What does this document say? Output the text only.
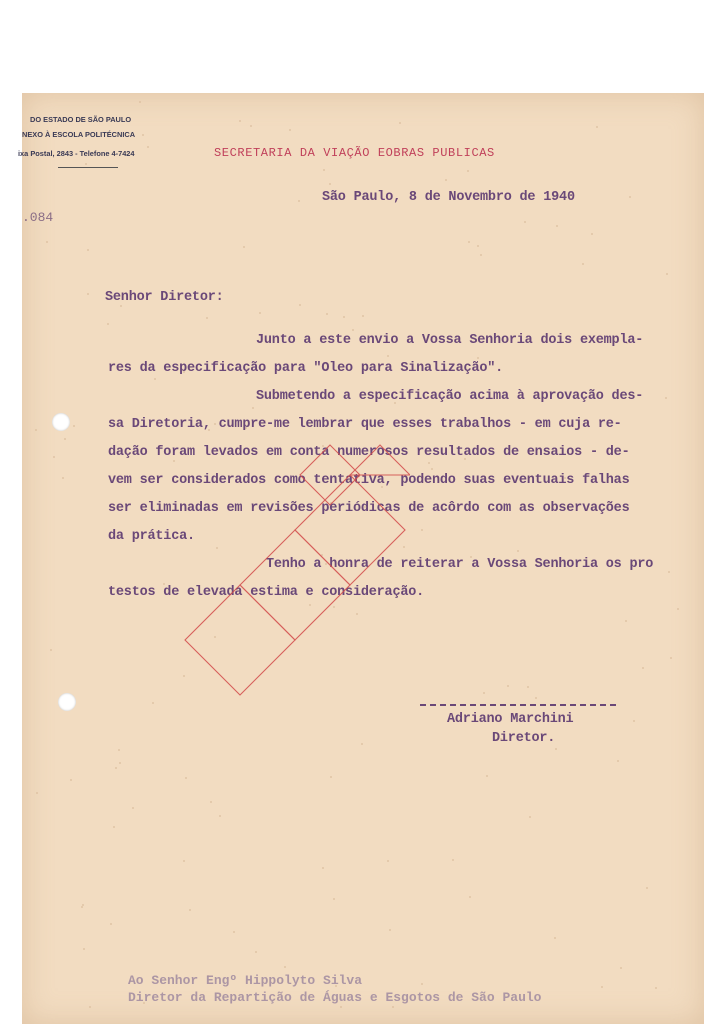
DO ESTADO DE SÃO PAULO
NEXO À ESCOLA POLITÉCNICA
ixa Postal, 2843 - Telefone 4-7424	SECRETARIA DA VIAÇÃO EOBRAS PUBLICAS
.084
São Paulo, 8 de Novembro de 1940
Senhor Diretor:
Junto a este envio a Vossa Senhoria dois exempla-
res da especificação para "Oleo para Sinalização".
Submetendo a especificação acima à aprovação des-
sa Diretoria, cumpre-me lembrar que esses trabalhos - em cuja re-
dação foram levados em conta numerosos resultados de ensaios - de-
vem ser considerados como tentativa, podendo suas eventuais falhas
ser eliminadas em revisões periódicas de acôrdo com as observações
da prática.
Tenho a honra de reiterar a Vossa Senhoria os pro
testos de elevada estima e consideração.
Adriano Marchini
Diretor.
Ao Senhor Engº Hippolyto Silva
Diretor da Repartição de Águas e Esgotos de São Paulo
